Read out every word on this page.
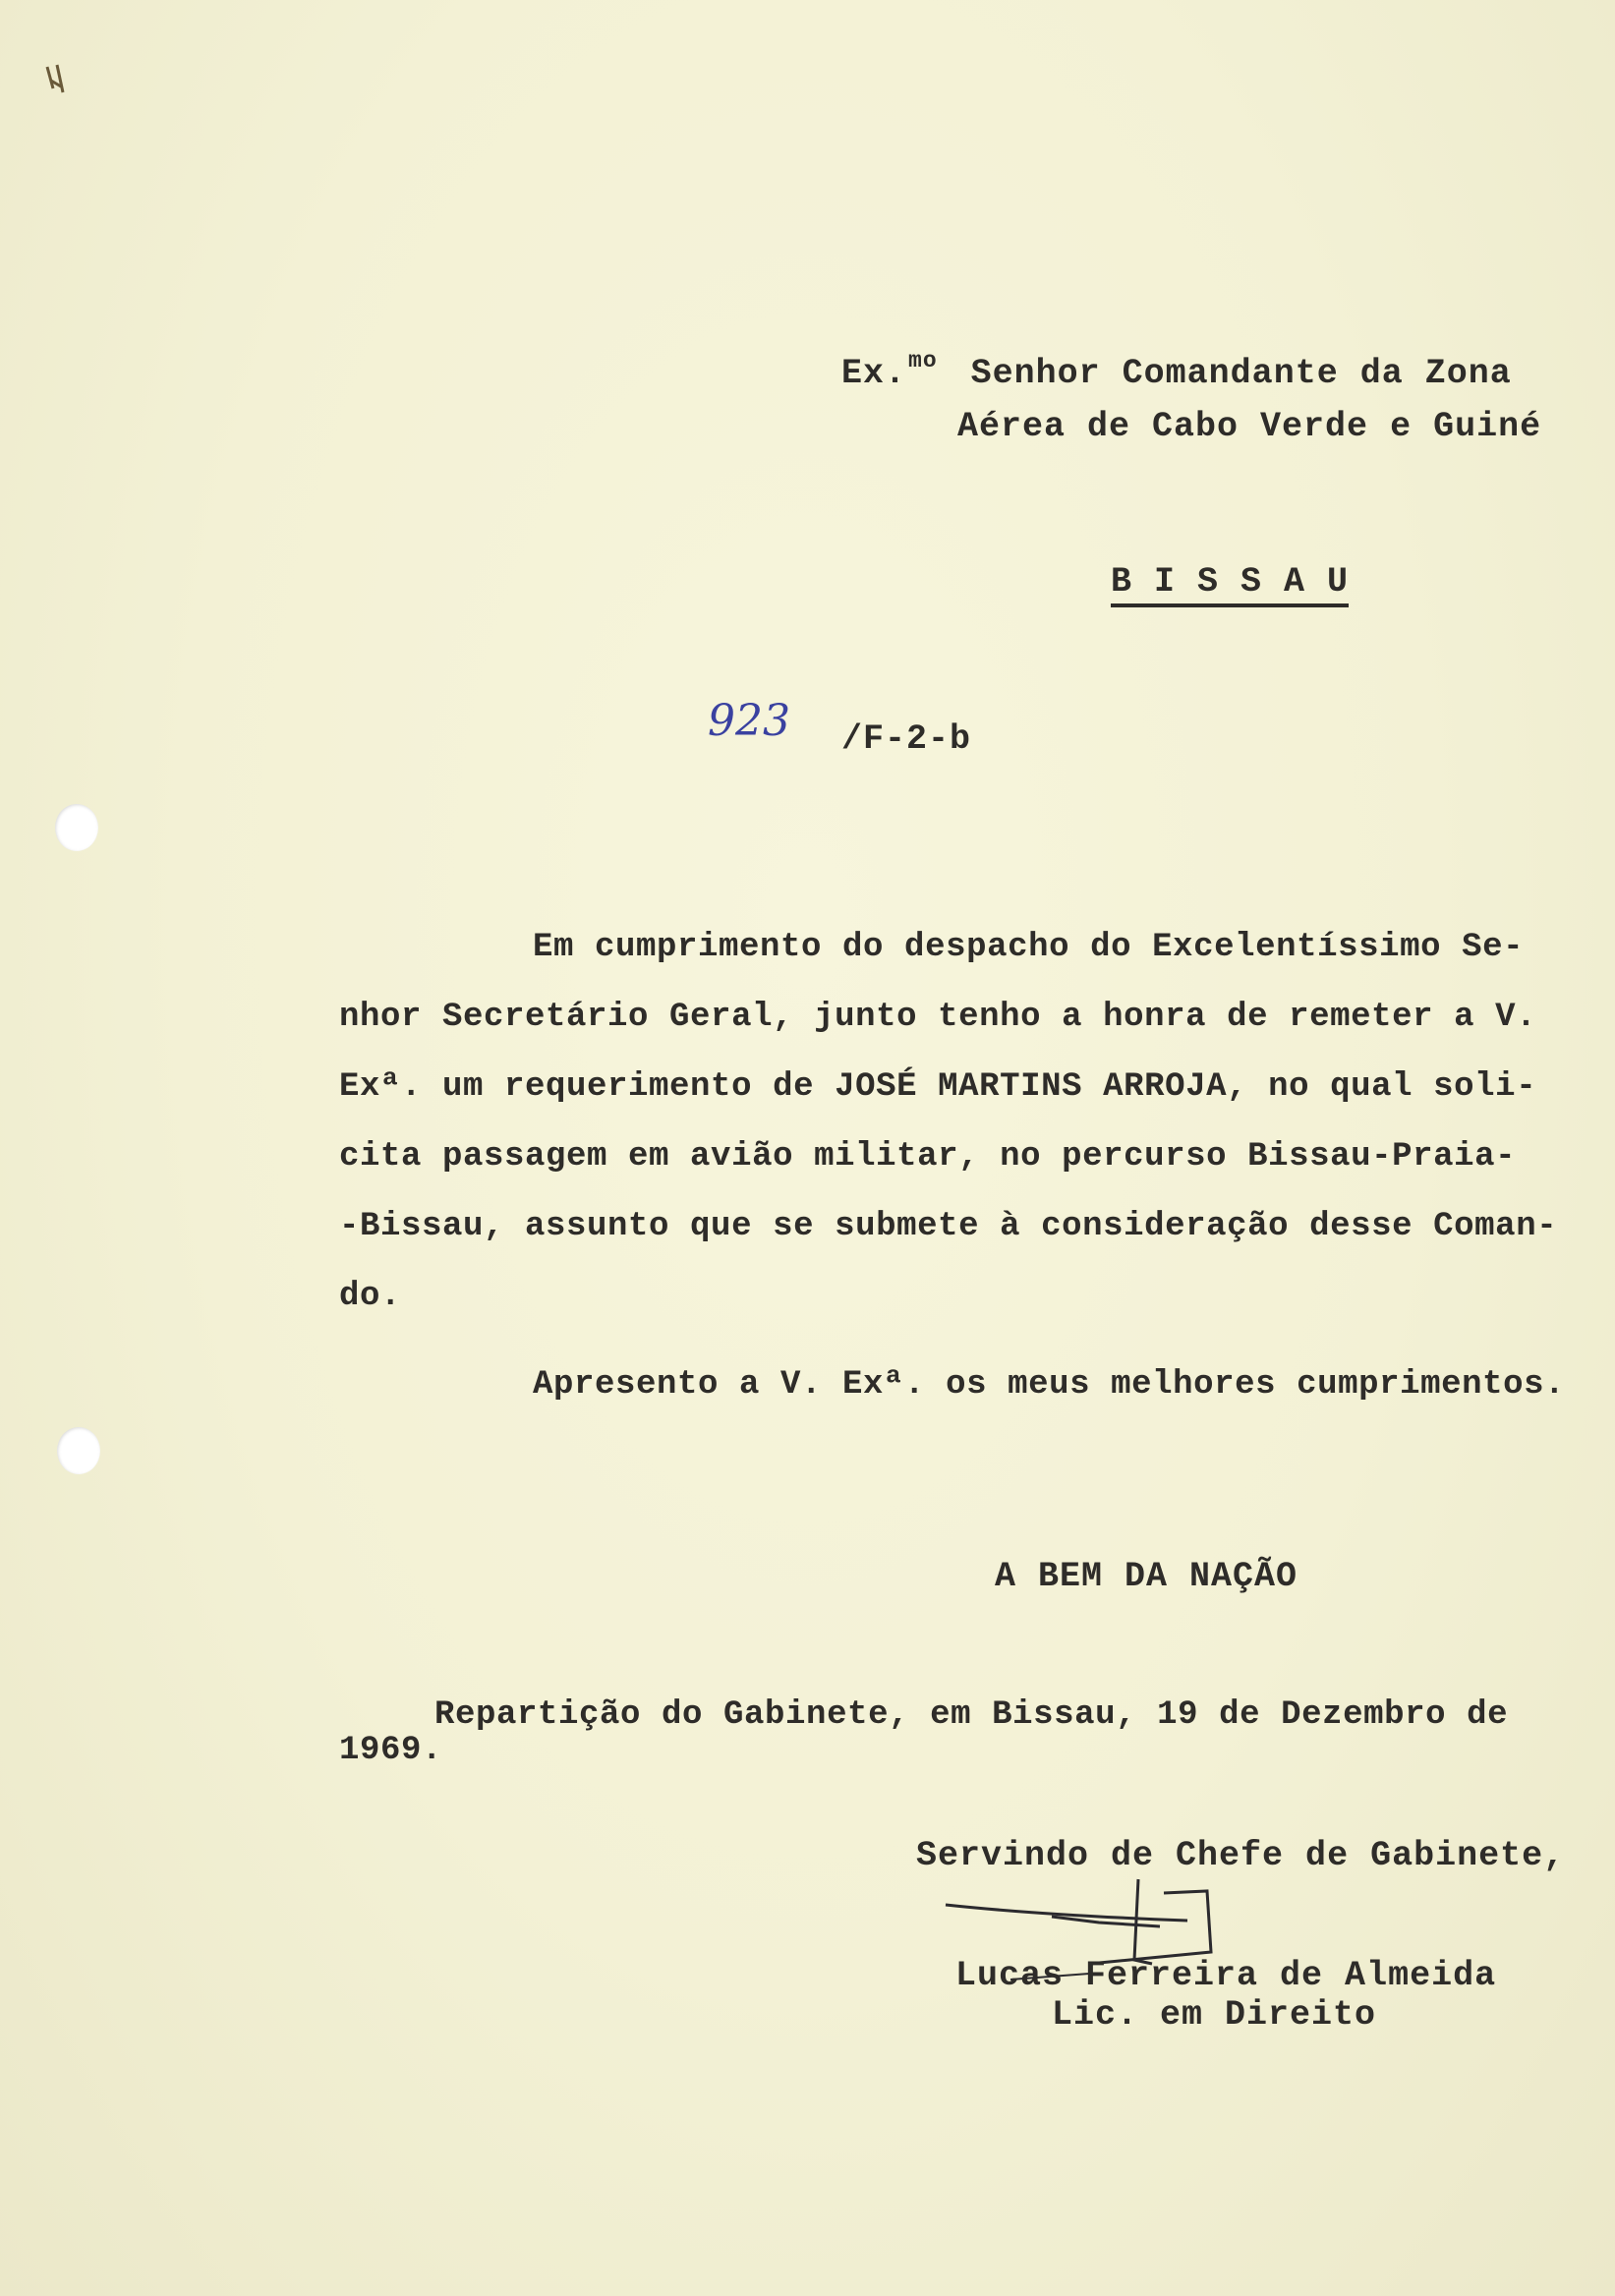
Ex.$^{mo}$ Senhor Comandante da Zona
Aérea de Cabo Verde e Guiné
B I S S A U
923 /F-2-b
Em cumprimento do despacho do Excelentíssimo Se-
nhor Secretário Geral, junto tenho a honra de remeter a V.
Exª. um requerimento de JOSÉ MARTINS ARROJA, no qual soli-
cita passagem em avião militar, no percurso Bissau-Praia-
-Bissau, assunto que se submete à consideração desse Coman-
do.
Apresento a V. Exª. os meus melhores cumprimentos.
A BEM DA NAÇÃO
Repartição do Gabinete, em Bissau, 19 de Dezembro de
1969.
Servindo de Chefe de Gabinete,
Lucas Ferreira de Almeida
Lic. em Direito
